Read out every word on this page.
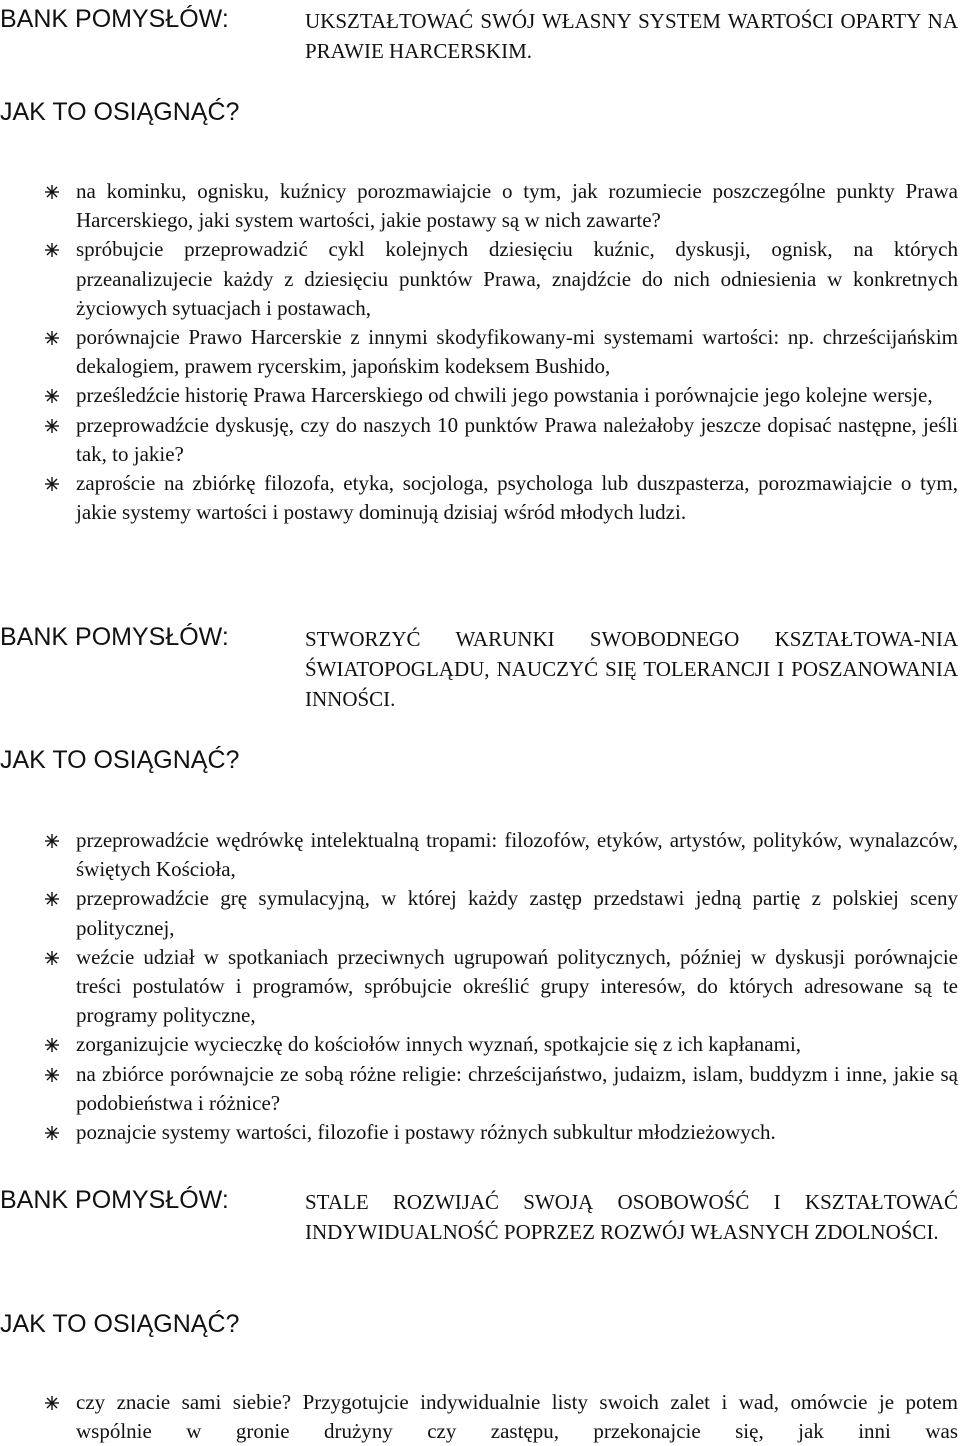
BANK POMYSŁÓW:	UKSZTAŁTOWAĆ SWÓJ WŁASNY SYSTEM WARTOŚCI OPARTY NA PRAWIE HARCERSKIM.
JAK TO OSIĄGNĄĆ?
na kominku, ognisku, kuźnicy porozmawiajcie o tym, jak rozumiecie poszczególne punkty Prawa Harcerskiego, jaki system wartości, jakie postawy są w nich zawarte?
spróbujcie przeprowadzić cykl kolejnych dziesięciu kuźnic, dyskusji, ognisk, na których przeanalizujecie każdy z dziesięciu punktów Prawa, znajdźcie do nich odniesienia w konkretnych życiowych sytuacjach i postawach,
porównajcie Prawo Harcerskie z innymi skodyfikowany-mi systemami wartości: np. chrześcijańskim dekalogiem, prawem rycerskim, japońskim kodeksem Bushido,
prześledźcie historię Prawa Harcerskiego od chwili jego powstania i porównajcie jego kolejne wersje,
przeprowadźcie dyskusję, czy do naszych 10 punktów Prawa należałoby jeszcze dopisać następne, jeśli tak, to jakie?
zaproście na zbiórkę filozofa, etyka, socjologa, psychologa lub duszpasterza, porozmawiajcie o tym, jakie systemy wartości i postawy dominują dzisiaj wśród młodych ludzi.
BANK POMYSŁÓW:	STWORZYĆ WARUNKI SWOBODNEGO KSZTAŁTOWA-NIA ŚWIATOPOGLĄDU, NAUCZYĆ SIĘ TOLERANCJI I POSZANOWANIA INNOŚCI.
JAK TO OSIĄGNĄĆ?
przeprowadźcie wędrówkę intelektualną tropami: filozofów, etyków, artystów, polityków, wynalazców, świętych Kościoła,
przeprowadźcie grę symulacyjną, w której każdy zastęp przedstawi jedną partię z polskiej sceny politycznej,
weźcie udział w spotkaniach przeciwnych ugrupowań politycznych, później w dyskusji porównajcie treści postulatów i programów, spróbujcie określić grupy interesów, do których adresowane są te programy polityczne,
zorganizujcie wycieczkę do kościołów innych wyznań, spotkajcie się z ich kapłanami,
na zbiórce porównajcie ze sobą różne religie: chrześcijaństwo, judaizm, islam, buddyzm i inne, jakie są podobieństwa i różnice?
poznajcie systemy wartości, filozofie i postawy różnych subkultur młodzieżowych.
BANK POMYSŁÓW:	STALE ROZWIJAĆ SWOJĄ OSOBOWOŚĆ I KSZTAŁTOWAĆ INDYWIDUALNOŚĆ POPRZEZ ROZWÓJ WŁASNYCH ZDOLNOŚCI.
JAK TO OSIĄGNĄĆ?
czy znacie sami siebie? Przygotujcie indywidualnie listy swoich zalet i wad, omówcie je potem wspólnie w gronie drużyny czy zastępu, przekonajcie się, jak inni was
